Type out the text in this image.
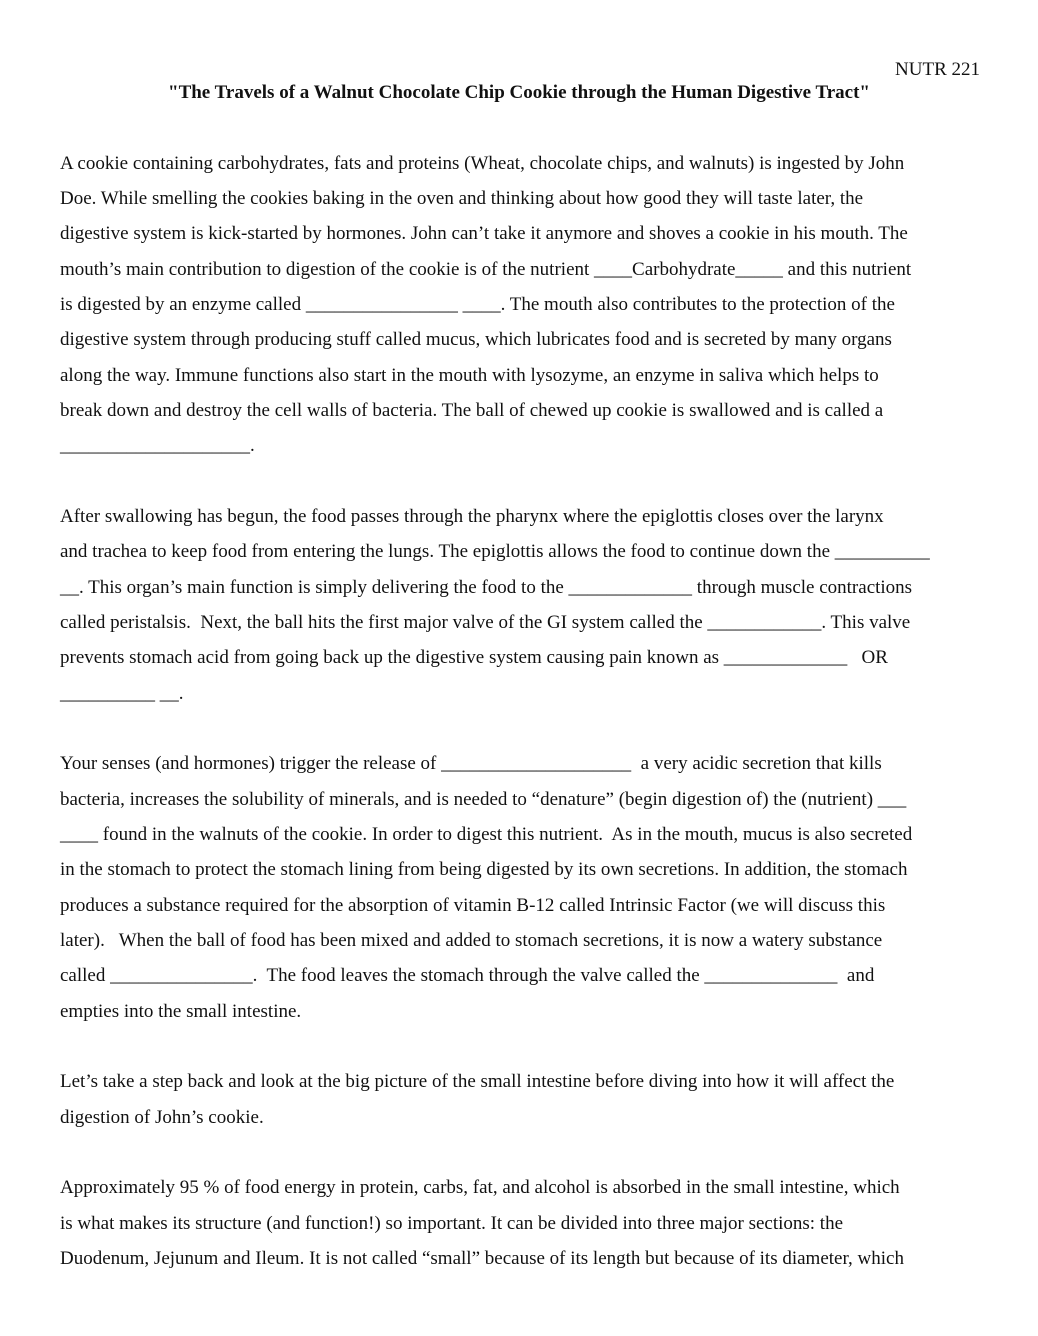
NUTR 221
"The Travels of a Walnut Chocolate Chip Cookie through the Human Digestive Tract"
A cookie containing carbohydrates, fats and proteins (Wheat, chocolate chips, and walnuts) is ingested by John
Doe. While smelling the cookies baking in the oven and thinking about how good they will taste later, the
digestive system is kick-started by hormones. John can’t take it anymore and shoves a cookie in his mouth. The
mouth’s main contribution to digestion of the cookie is of the nutrient ____Carbohydrate_____ and this nutrient
is digested by an enzyme called ________________ ____. The mouth also contributes to the protection of the
digestive system through producing stuff called mucus, which lubricates food and is secreted by many organs
along the way. Immune functions also start in the mouth with lysozyme, an enzyme in saliva which helps to
break down and destroy the cell walls of bacteria. The ball of chewed up cookie is swallowed and is called a
____________________.
After swallowing has begun, the food passes through the pharynx where the epiglottis closes over the larynx
and trachea to keep food from entering the lungs. The epiglottis allows the food to continue down the __________
__. This organ’s main function is simply delivering the food to the _____________ through muscle contractions
called peristalsis.  Next, the ball hits the first major valve of the GI system called the ____________. This valve
prevents stomach acid from going back up the digestive system causing pain known as _____________   OR
__________ __.
Your senses (and hormones) trigger the release of ____________________  a very acidic secretion that kills
bacteria, increases the solubility of minerals, and is needed to “denature” (begin digestion of) the (nutrient) ___
____ found in the walnuts of the cookie. In order to digest this nutrient.  As in the mouth, mucus is also secreted
in the stomach to protect the stomach lining from being digested by its own secretions. In addition, the stomach
produces a substance required for the absorption of vitamin B-12 called Intrinsic Factor (we will discuss this
later).   When the ball of food has been mixed and added to stomach secretions, it is now a watery substance
called _______________.  The food leaves the stomach through the valve called the ______________  and
empties into the small intestine.
Let’s take a step back and look at the big picture of the small intestine before diving into how it will affect the
digestion of John’s cookie.
Approximately 95 % of food energy in protein, carbs, fat, and alcohol is absorbed in the small intestine, which
is what makes its structure (and function!) so important. It can be divided into three major sections: the
Duodenum, Jejunum and Ileum. It is not called “small” because of its length but because of its diameter, which
